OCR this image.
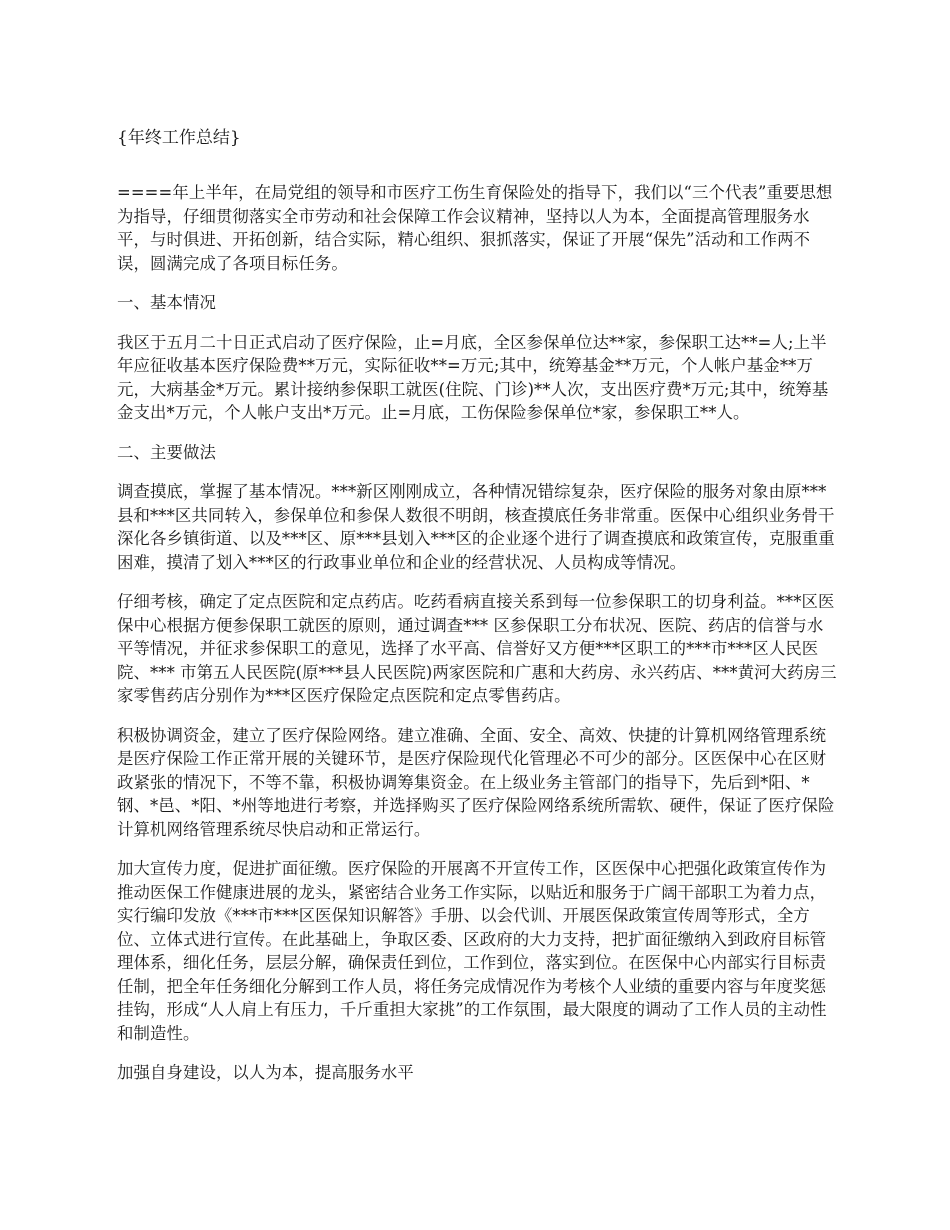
{年终工作总结}

====年上半年，在局党组的领导和市医疗工伤生育保险处的指导下，我们以“三个代表”重要思想为指导，仔细贯彻落实全市劳动和社会保障工作会议精神，坚持以人为本，全面提高管理服务水平，与时俱进、开拓创新，结合实际，精心组织、狠抓落实，保证了开展“保先”活动和工作两不误，圆满完成了各项目标任务。

一、基本情况

我区于五月二十日正式启动了医疗保险，止=月底，全区参保单位达**家，参保职工达**=人;上半年应征收基本医疗保险费**万元，实际征收**=万元;其中，统筹基金**万元，个人帐户基金**万元，大病基金*万元。累计接纳参保职工就医(住院、门诊)**人次，支出医疗费*万元;其中，统筹基金支出*万元，个人帐户支出*万元。止=月底，工伤保险参保单位*家，参保职工**人。

二、主要做法

调查摸底，掌握了基本情况。***新区刚刚成立，各种情况错综复杂，医疗保险的服务对象由原***县和***区共同转入，参保单位和参保人数很不明朗，核查摸底任务非常重。医保中心组织业务骨干深化各乡镇街道、以及***区、原***县划入***区的企业逐个进行了调查摸底和政策宣传，克服重重困难，摸清了划入***区的行政事业单位和企业的经营状况、人员构成等情况。

仔细考核，确定了定点医院和定点药店。吃药看病直接关系到每一位参保职工的切身利益。***区医保中心根据方便参保职工就医的原则，通过调查*** 区参保职工分布状况、医院、药店的信誉与水平等情况，并征求参保职工的意见，选择了水平高、信誉好又方便***区职工的***市***区人民医院、*** 市第五人民医院(原***县人民医院)两家医院和广惠和大药房、永兴药店、***黄河大药房三家零售药店分别作为***区医疗保险定点医院和定点零售药店。

积极协调资金，建立了医疗保险网络。建立准确、全面、安全、高效、快捷的计算机网络管理系统是医疗保险工作正常开展的关键环节，是医疗保险现代化管理必不可少的部分。区医保中心在区财政紧张的情况下，不等不靠，积极协调筹集资金。在上级业务主管部门的指导下，先后到*阳、*钢、*邑、*阳、*州等地进行考察，并选择购买了医疗保险网络系统所需软、硬件，保证了医疗保险计算机网络管理系统尽快启动和正常运行。

加大宣传力度，促进扩面征缴。医疗保险的开展离不开宣传工作，区医保中心把强化政策宣传作为推动医保工作健康进展的龙头，紧密结合业务工作实际，以贴近和服务于广阔干部职工为着力点，实行编印发放《***市***区医保知识解答》手册、以会代训、开展医保政策宣传周等形式，全方位、立体式进行宣传。在此基础上，争取区委、区政府的大力支持，把扩面征缴纳入到政府目标管理体系，细化任务，层层分解，确保责任到位，工作到位，落实到位。在医保中心内部实行目标责任制，把全年任务细化分解到工作人员，将任务完成情况作为考核个人业绩的重要内容与年度奖惩挂钩，形成“人人肩上有压力，千斤重担大家挑”的工作氛围，最大限度的调动了工作人员的主动性和制造性。

加强自身建设，以人为本，提高服务水平
